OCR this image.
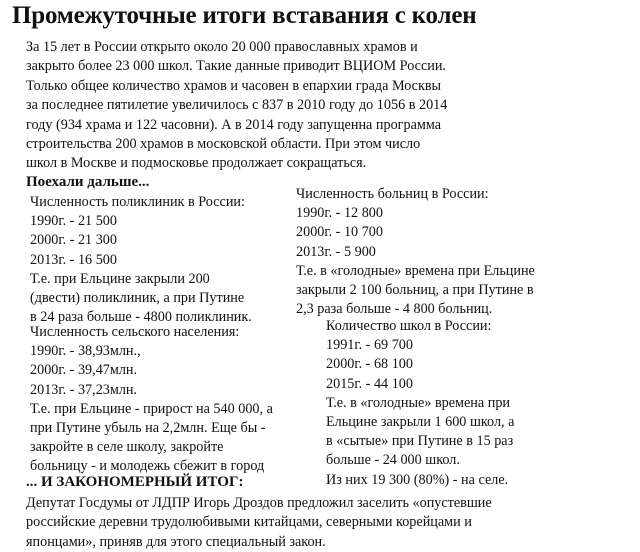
Промежуточные итоги вставания с колен
За 15 лет в России открыто около 20 000 православных храмов и
закрыто более 23 000 школ. Такие данные приводит ВЦИОМ России.
Только общее количество храмов и часовен в епархии града Москвы
за последнее пятилетие увеличилось с 837 в 2010 году до 1056 в 2014
году (934 храма и 122 часовни). А в 2014 году запущенна программа
строительства 200 храмов в московской области. При этом число
школ в Москве и подмосковье продолжает сокращаться.
Поехали дальше...
Численность поликлиник в России:
1990г. - 21 500
2000г. - 21 300
2013г. - 16 500
Т.е. при Ельцине закрыли 200
(двести) поликлиник, а при Путине
в 24 раза больше - 4800 поликлиник.
Численность больниц в России:
1990г. - 12 800
2000г. - 10 700
2013г. - 5 900
Т.е. в «голодные» времена при Ельцине
закрыли 2 100 больниц, а при Путине в
2,3 раза больше - 4 800 больниц.
Численность сельского населения:
1990г. - 38,93млн.,
2000г. - 39,47млн.
2013г. - 37,23млн.
Т.е. при Ельцине - прирост на 540 000, а
при Путине убыль на 2,2млн. Еще бы -
закройте в селе школу, закройте
больницу - и молодежь сбежит в город
Количество школ в России:
1991г. - 69 700
2000г. - 68 100
2015г. - 44 100
Т.е. в «голодные» времена при
Ельцине закрыли 1 600 школ, а
в «сытые» при Путине в 15 раз
больше - 24 000 школ.
Из них 19 300 (80%) - на селе.
... И ЗАКОНОМЕРНЫЙ ИТОГ:
Депутат Госдумы от ЛДПР Игорь Дроздов предложил заселить «опустевшие
российские деревни трудолюбивыми китайцами, северными корейцами и
японцами», приняв для этого специальный закон.
